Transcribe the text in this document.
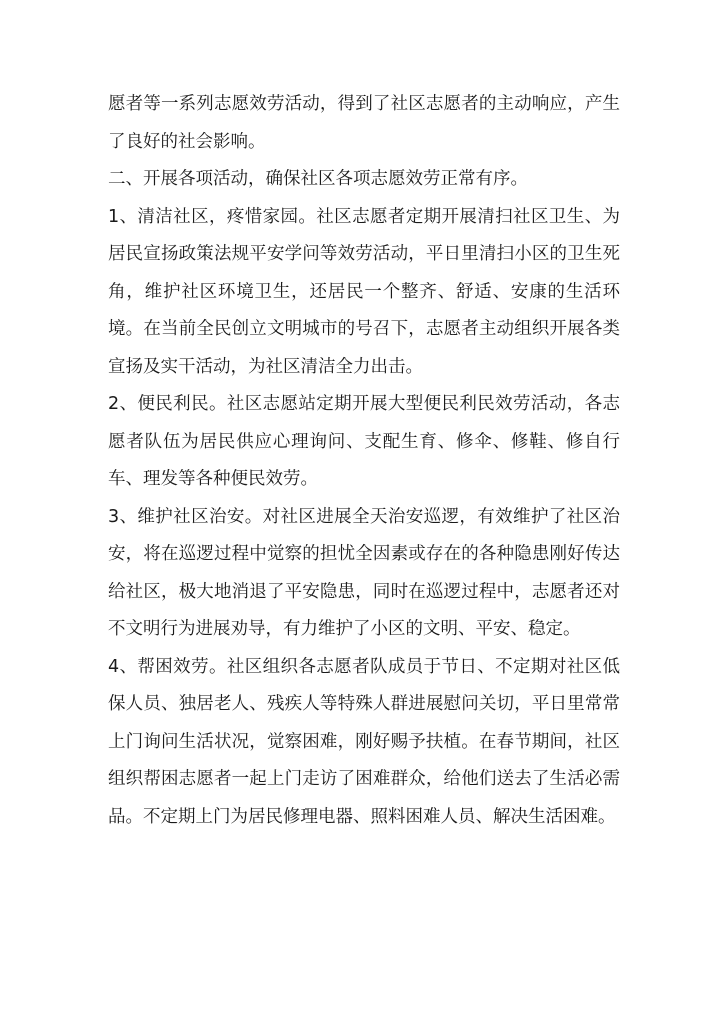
愿者等一系列志愿效劳活动，得到了社区志愿者的主动响应，产生了良好的社会影响。

二、开展各项活动，确保社区各项志愿效劳正常有序。

1、清洁社区，疼惜家园。社区志愿者定期开展清扫社区卫生、为居民宣扬政策法规平安学问等效劳活动，平日里清扫小区的卫生死角，维护社区环境卫生，还居民一个整齐、舒适、安康的生活环境。在当前全民创立文明城市的号召下，志愿者主动组织开展各类宣扬及实干活动，为社区清洁全力出击。

2、便民利民。社区志愿站定期开展大型便民利民效劳活动，各志愿者队伍为居民供应心理询问、支配生育、修伞、修鞋、修自行车、理发等各种便民效劳。

3、维护社区治安。对社区进展全天治安巡逻，有效维护了社区治安，将在巡逻过程中觉察的担忧全因素或存在的各种隐患刚好传达给社区，极大地消退了平安隐患，同时在巡逻过程中，志愿者还对不文明行为进展劝导，有力维护了小区的文明、平安、稳定。

4、帮困效劳。社区组织各志愿者队成员于节日、不定期对社区低保人员、独居老人、残疾人等特殊人群进展慰问关切，平日里常常上门询问生活状况，觉察困难，刚好赐予扶植。在春节期间，社区组织帮困志愿者一起上门走访了困难群众，给他们送去了生活必需品。不定期上门为居民修理电器、照料困难人员、解决生活困难。
